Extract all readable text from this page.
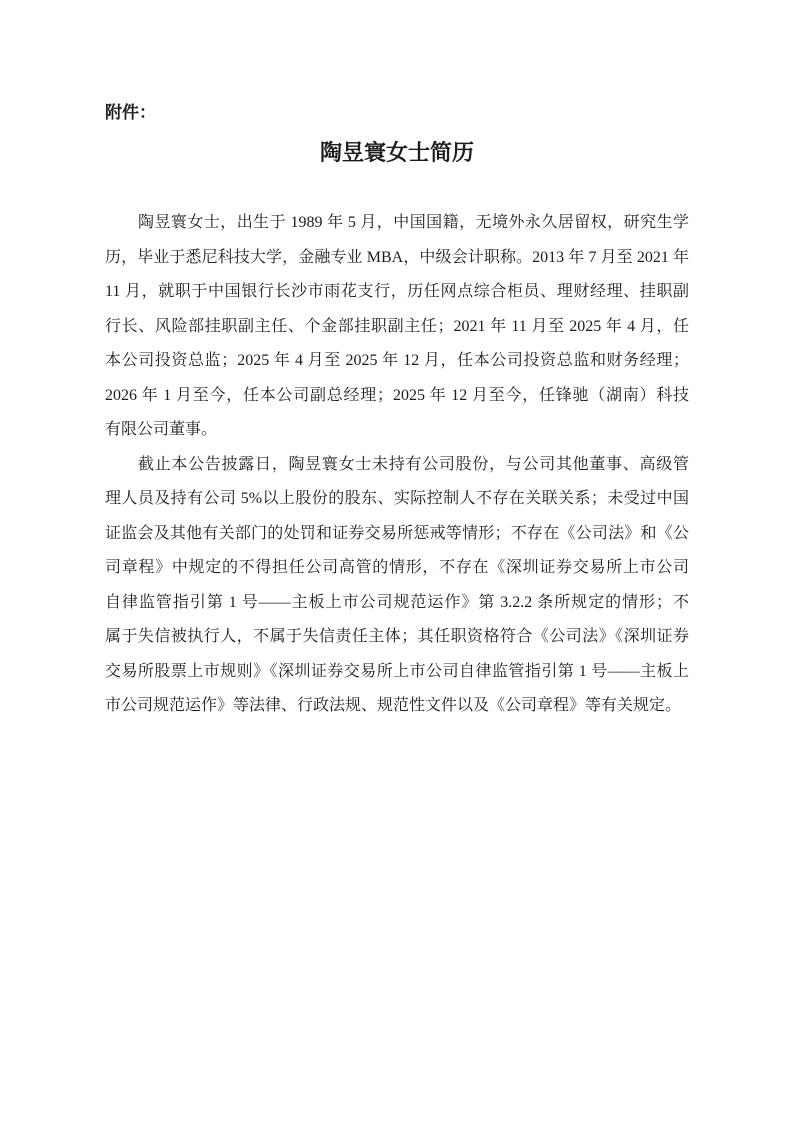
附件：
陶昱寰女士简历

陶昱寰女士，出生于 1989 年 5 月，中国国籍，无境外永久居留权，研究生学
历，毕业于悉尼科技大学，金融专业 MBA，中级会计职称。2013 年 7 月至 2021 年
11 月，就职于中国银行长沙市雨花支行，历任网点综合柜员、理财经理、挂职副
行长、风险部挂职副主任、个金部挂职副主任；2021 年 11 月至 2025 年 4 月，任
本公司投资总监；2025 年 4 月至 2025 年 12 月，任本公司投资总监和财务经理；
2026 年 1 月至今，任本公司副总经理；2025 年 12 月至今，任锋驰（湖南）科技
有限公司董事。

截止本公告披露日，陶昱寰女士未持有公司股份，与公司其他董事、高级管
理人员及持有公司 5%以上股份的股东、实际控制人不存在关联关系；未受过中国
证监会及其他有关部门的处罚和证券交易所惩戒等情形；不存在《公司法》和《公
司章程》中规定的不得担任公司高管的情形，不存在《深圳证券交易所上市公司
自律监管指引第 1 号——主板上市公司规范运作》第 3.2.2 条所规定的情形；不
属于失信被执行人，不属于失信责任主体；其任职资格符合《公司法》《深圳证券
交易所股票上市规则》《深圳证券交易所上市公司自律监管指引第 1 号——主板上
市公司规范运作》等法律、行政法规、规范性文件以及《公司章程》等有关规定。
